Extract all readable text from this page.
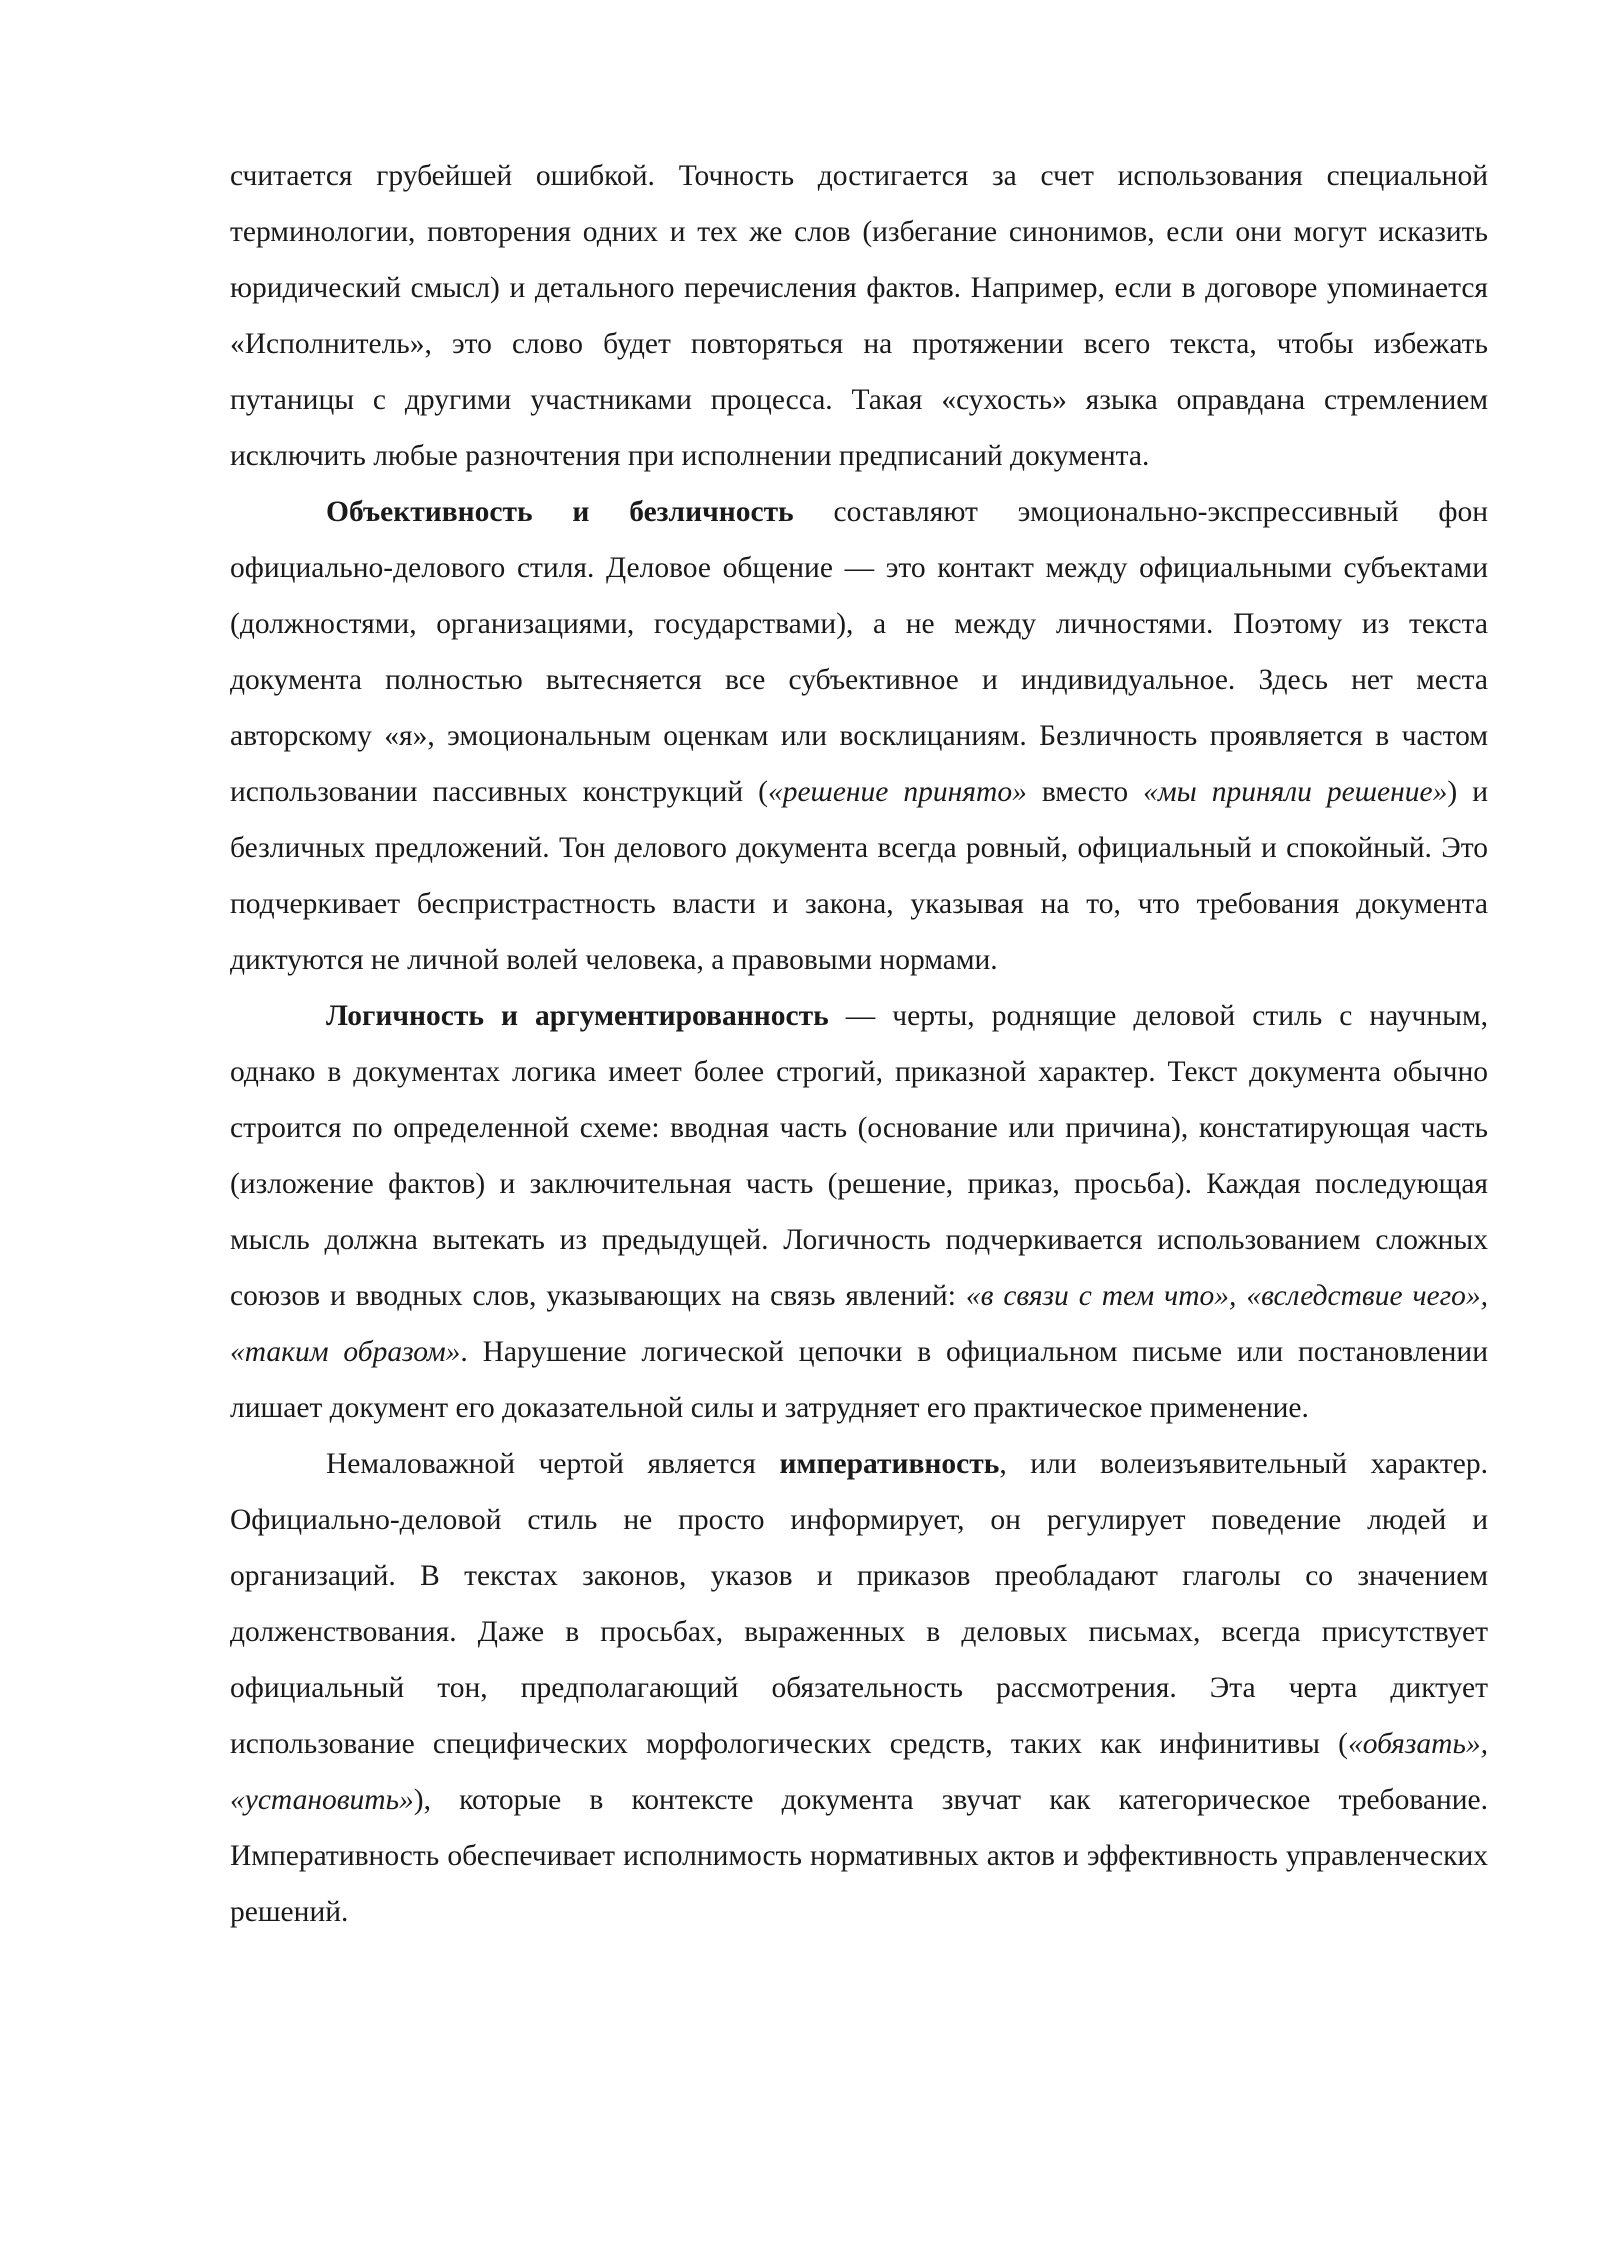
считается грубейшей ошибкой. Точность достигается за счет использования специальной терминологии, повторения одних и тех же слов (избегание синонимов, если они могут исказить юридический смысл) и детального перечисления фактов. Например, если в договоре упоминается «Исполнитель», это слово будет повторяться на протяжении всего текста, чтобы избежать путаницы с другими участниками процесса. Такая «сухость» языка оправдана стремлением исключить любые разночтения при исполнении предписаний документа.

Объективность и безличность составляют эмоционально-экспрессивный фон официально-делового стиля. Деловое общение — это контакт между официальными субъектами (должностями, организациями, государствами), а не между личностями. Поэтому из текста документа полностью вытесняется все субъективное и индивидуальное. Здесь нет места авторскому «я», эмоциональным оценкам или восклицаниям. Безличность проявляется в частом использовании пассивных конструкций («решение принято» вместо «мы приняли решение») и безличных предложений. Тон делового документа всегда ровный, официальный и спокойный. Это подчеркивает беспристрастность власти и закона, указывая на то, что требования документа диктуются не личной волей человека, а правовыми нормами.

Логичность и аргументированность — черты, роднящие деловой стиль с научным, однако в документах логика имеет более строгий, приказной характер. Текст документа обычно строится по определенной схеме: вводная часть (основание или причина), констатирующая часть (изложение фактов) и заключительная часть (решение, приказ, просьба). Каждая последующая мысль должна вытекать из предыдущей. Логичность подчеркивается использованием сложных союзов и вводных слов, указывающих на связь явлений: «в связи с тем что», «вследствие чего», «таким образом». Нарушение логической цепочки в официальном письме или постановлении лишает документ его доказательной силы и затрудняет его практическое применение.

Немаловажной чертой является императивность, или волеизъявительный характер. Официально-деловой стиль не просто информирует, он регулирует поведение людей и организаций. В текстах законов, указов и приказов преобладают глаголы со значением долженствования. Даже в просьбах, выраженных в деловых письмах, всегда присутствует официальный тон, предполагающий обязательность рассмотрения. Эта черта диктует использование специфических морфологических средств, таких как инфинитивы («обязать», «установить»), которые в контексте документа звучат как категорическое требование. Императивность обеспечивает исполнимость нормативных актов и эффективность управленческих решений.
